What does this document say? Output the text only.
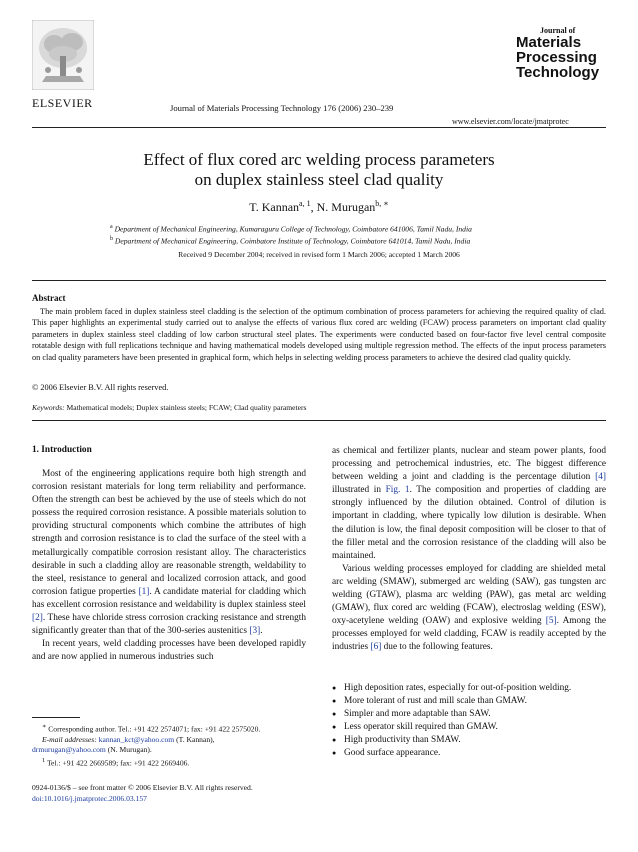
ELSEVIER	Journal of Materials Processing Technology 176 (2006) 230–239
Journal of
Materials
Processing
Technology
www.elsevier.com/locate/jmatprotec
Effect of flux cored arc welding process parameters
on duplex stainless steel clad quality
T. Kannan$^{a, 1}$, N. Murugan$^{b, ∗}$
$^a$ Department of Mechanical Engineering, Kumaraguru College of Technology, Coimbatore 641006, Tamil Nadu, India
$^b$ Department of Mechanical Engineering, Coimbatore Institute of Technology, Coimbatore 641014, Tamil Nadu, India
Received 9 December 2004; received in revised form 1 March 2006; accepted 1 March 2006
Abstract
The main problem faced in duplex stainless steel cladding is the selection of the optimum combination of process parameters for achieving the required quality of clad. This paper highlights an experimental study carried out to analyse the effects of various flux cored arc welding (FCAW) process parameters on important clad quality parameters in duplex stainless steel cladding of low carbon structural steel plates. The experiments were conducted based on four-factor five level central composite rotatable design with full replications technique and having mathematical models developed using multiple regression method. The effects of the input process parameters on clad quality parameters have been presented in graphical form, which helps in selecting welding process parameters to achieve the desired clad quality quickly.
© 2006 Elsevier B.V. All rights reserved.
Keywords: Mathematical models; Duplex stainless steels; FCAW; Clad quality parameters
1. Introduction

Most of the engineering applications require both high strength and corrosion resistant materials for long term reliability and performance. Often the strength can best be achieved by the use of steels which do not possess the required corrosion resistance. A possible materials solution to providing structural components which combine the attributes of high strength and corrosion resistance is to clad the surface of the steel with a metallurgically compatible corrosion resistant alloy. The characteristics desirable in such a cladding alloy are reasonable strength, weldability to the steel, resistance to general and localized corrosion attack, and good corrosion fatigue properties [1]. A candidate material for cladding which has excellent corrosion resistance and weldability is duplex stainless steel [2]. These have chloride stress corrosion cracking resistance and strength significantly greater than that of the 300-series austenitics [3].

In recent years, weld cladding processes have been developed rapidly and are now applied in numerous industries such

as chemical and fertilizer plants, nuclear and steam power plants, food processing and petrochemical industries, etc. The biggest difference between welding a joint and cladding is the percentage dilution [4] illustrated in Fig. 1. The composition and properties of cladding are strongly influenced by the dilution obtained. Control of dilution is important in cladding, where typically low dilution is desirable. When the dilution is low, the final deposit composition will be closer to that of the filler metal and the corrosion resistance of the cladding will also be maintained.

Various welding processes employed for cladding are shielded metal arc welding (SMAW), submerged arc welding (SAW), gas tungsten arc welding (GTAW), plasma arc welding (PAW), gas metal arc welding (GMAW), flux cored arc welding (FCAW), electroslag welding (ESW), oxy-acetylene welding (OAW) and explosive welding [5]. Among the processes employed for weld cladding, FCAW is readily accepted by the industries [6] due to the following features.

● High deposition rates, especially for out-of-position welding.
● More tolerant of rust and mill scale than GMAW.
● Simpler and more adaptable than SAW.
● Less operator skill required than GMAW.
● High productivity than SMAW.
● Good surface appearance.
∗ Corresponding author. Tel.: +91 422 2574071; fax: +91 422 2575020.
E-mail addresses: kannan_kct@yahoo.com (T. Kannan),
drmurugan@yahoo.com (N. Murugan).
$^1$ Tel.: +91 422 2669589; fax: +91 422 2669406.
0924-0136/$ – see front matter © 2006 Elsevier B.V. All rights reserved.
doi:10.1016/j.jmatprotec.2006.03.157
